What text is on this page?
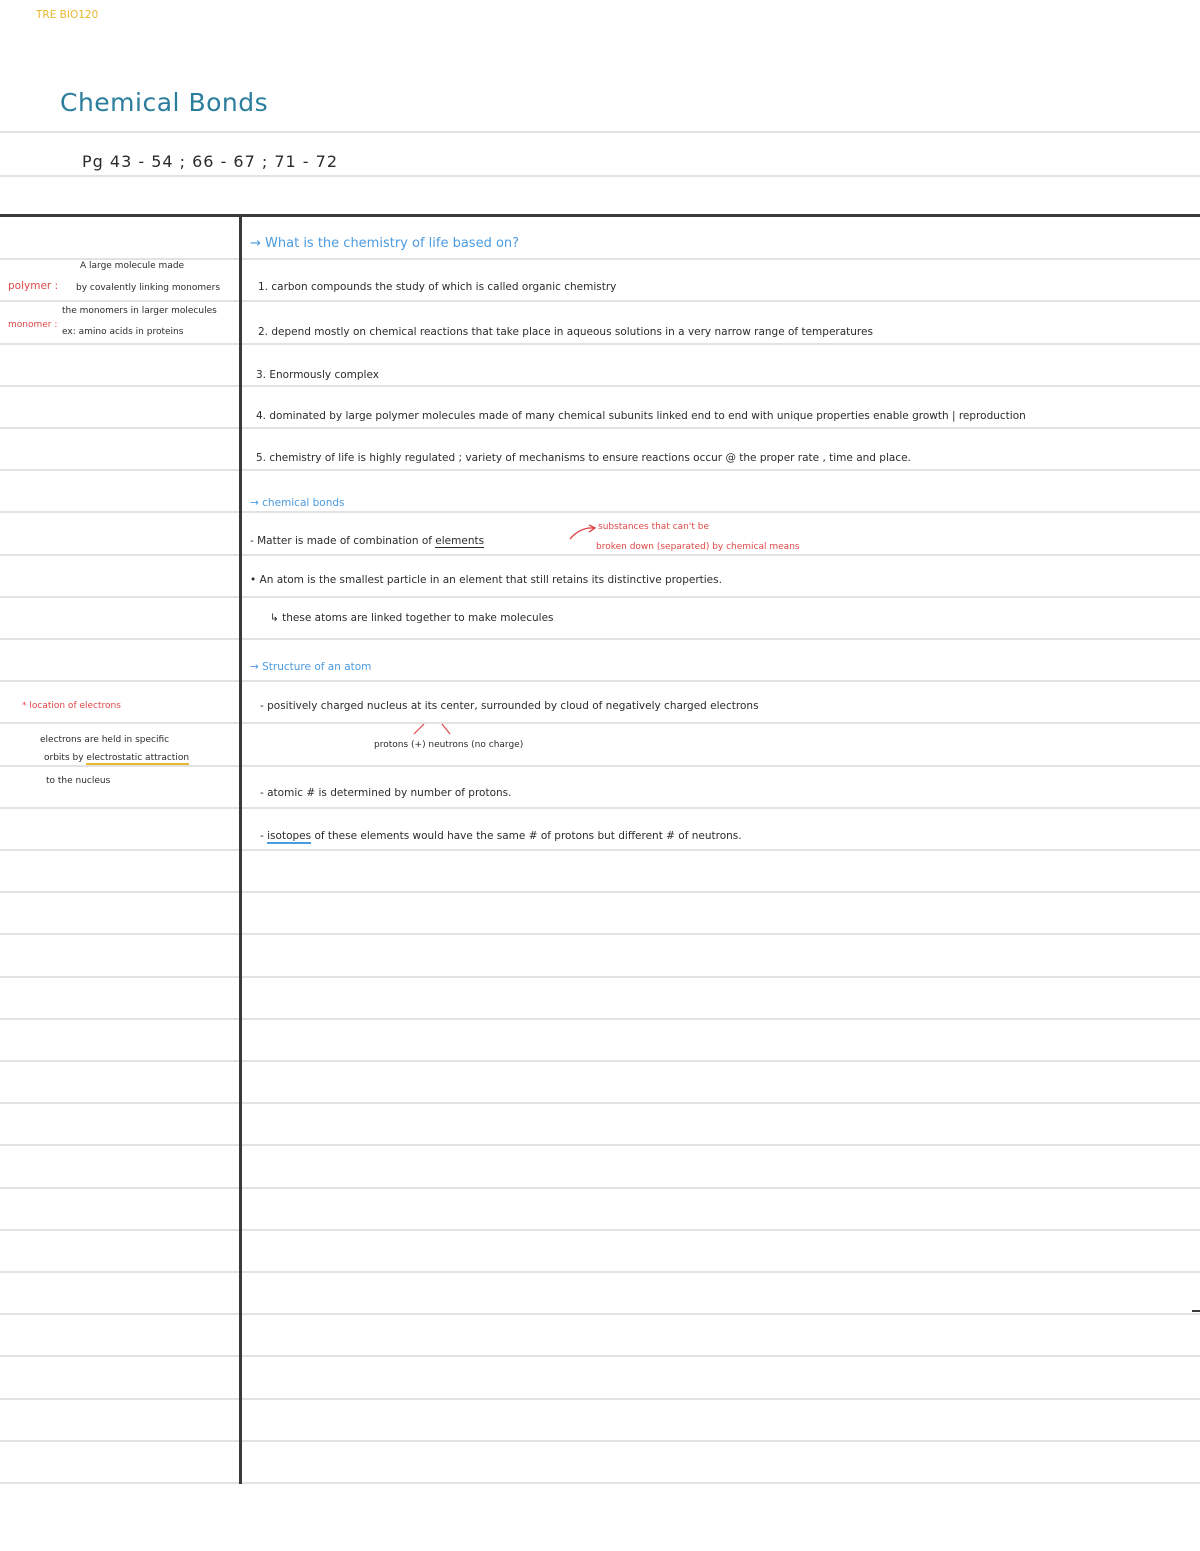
TRE BIO120
Chemical Bonds
Pg 43 - 54 ; 66 - 67 ; 71 - 72
A large molecule made
polymer : by covalently linking monomers
monomer :
the monomers in larger molecules
ex: amino acids in proteins
* location of electrons
electrons are held in specific
orbits by electrostatic attraction
to the nucleus
→ What is the chemistry of life based on?
1. carbon compounds the study of which is called organic chemistry
2. depend mostly on chemical reactions that take place in aqueous solutions in a very narrow range of temperatures
3. Enormously complex
4. dominated by large polymer molecules made of many chemical subunits linked end to end with unique properties enable growth | reproduction
5. chemistry of life is highly regulated ; variety of mechanisms to ensure reactions occur @ the proper rate , time and place.
→ chemical bonds
- Matter is made of combination of elements
substances that can't be
broken down (separated) by chemical means
• An atom is the smallest particle in an element that still retains its distinctive properties.
↳ these atoms are linked together to make molecules
→ Structure of an atom
- positively charged nucleus at its center, surrounded by cloud of negatively charged electrons
protons (+) neutrons (no charge)
- atomic # is determined by number of protons.
- isotopes of these elements would have the same # of protons but different # of neutrons.
